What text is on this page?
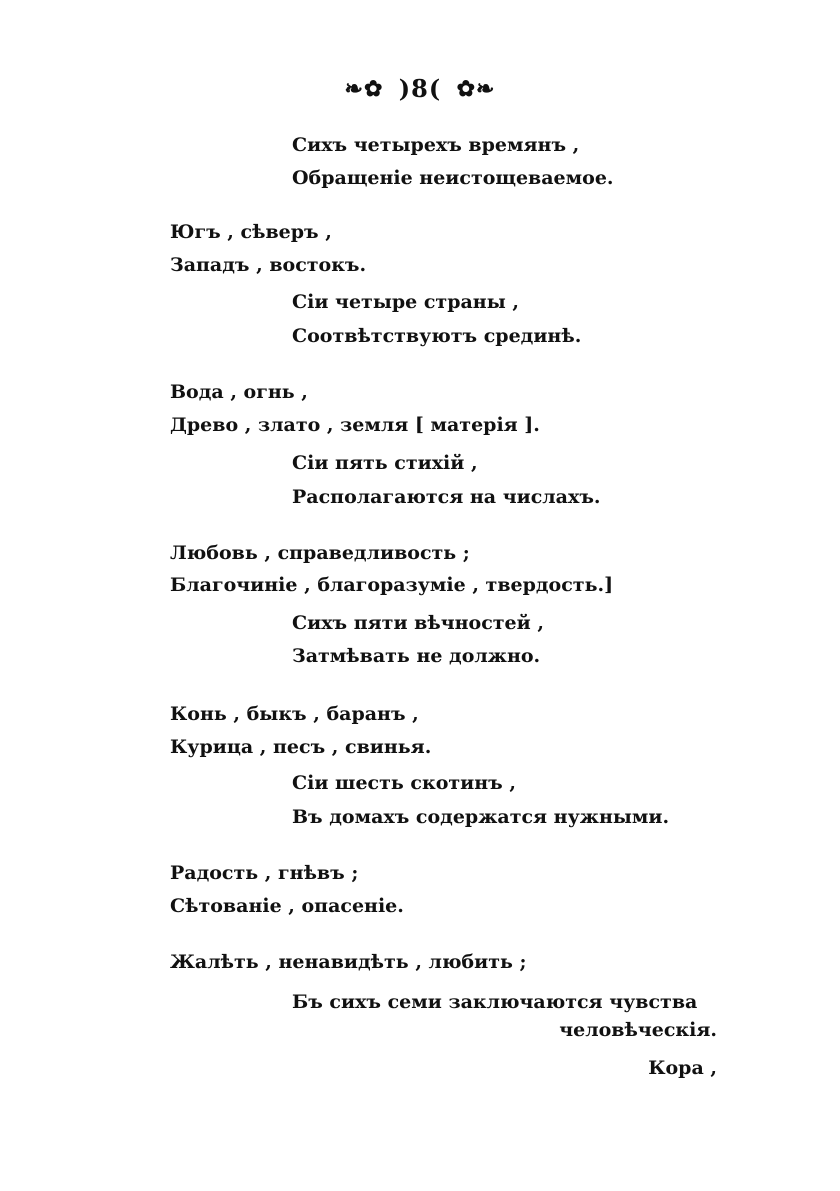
❧✿ )8( ✿❧
Сихъ четырехъ времянъ ,
Обращеніе неистощеваемое.
Югъ , сѣверъ ,
Западъ , востокъ.
Сіи четыре страны ,
Соотвѣтствуютъ срединѣ.
Вода , огнь ,
Древо , злато , земля [ матерія ].
Сіи пять стихій ,
Располагаются на числахъ.
Любовь , справедливость ;
Благочиніе , благоразуміе , твердость.]
Сихъ пяти вѣчностей ,
Затмѣвать не должно.
Конь , быкъ , баранъ ,
Курица , песъ , свинья.
Сіи шесть скотинъ ,
Въ домахъ содержатся нужными.
Радость , гнѣвъ ;
Сѣтованіе , опасеніе.
Жалѣть , ненавидѣть , любить ;
Бъ сихъ семи заключаются чувства
человѣческія.
Кора ,
